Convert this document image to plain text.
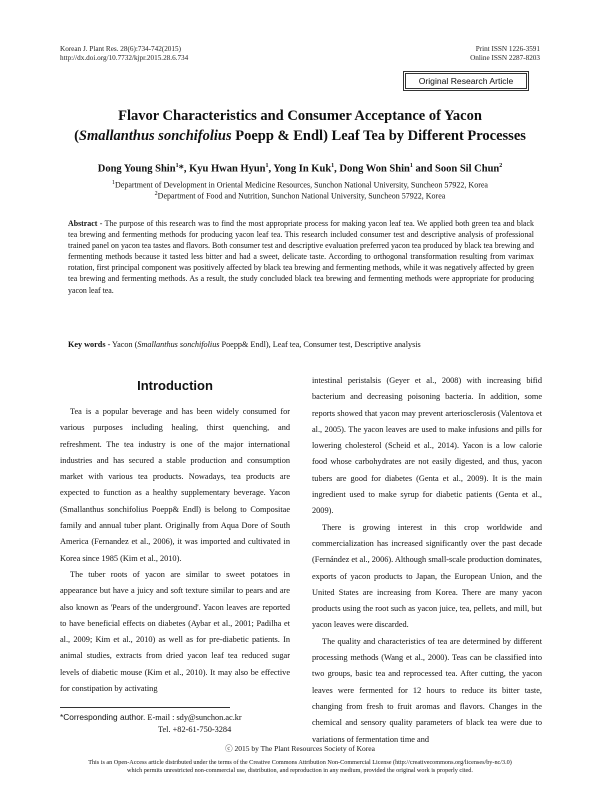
Korean J. Plant Res. 28(6):734-742(2015)
http://dx.doi.org/10.7732/kjpr.2015.28.6.734
Print ISSN 1226-3591
Online ISSN 2287-8203
Original Research Article
Flavor Characteristics and Consumer Acceptance of Yacon
(Smallanthus sonchifolius Poepp & Endl) Leaf Tea by Different Processes
Dong Young Shin$^1$*, Kyu Hwan Hyun$^1$, Yong In Kuk$^1$, Dong Won Shin$^1$ and Soon Sil Chun$^2$
$^1$Department of Development in Oriental Medicine Resources, Sunchon National University, Suncheon 57922, Korea
$^2$Department of Food and Nutrition, Sunchon National University, Suncheon 57922, Korea
Abstract - The purpose of this research was to find the most appropriate process for making yacon leaf tea. We applied both green tea and black tea brewing and fermenting methods for producing yacon leaf tea. This research included consumer test and descriptive analysis of professional trained panel on yacon tea tastes and flavors. Both consumer test and descriptive evaluation preferred yacon tea produced by black tea brewing and fermenting methods because it tasted less bitter and had a sweet, delicate taste. According to orthogonal transformation resulting from varimax rotation, first principal component was positively affected by black tea brewing and fermenting methods, while it was negatively affected by green tea brewing and fermenting methods. As a result, the study concluded black tea brewing and fermenting methods were appropriate for producing yacon leaf tea.
Key words - Yacon (Smallanthus sonchifolius Poepp& Endl), Leaf tea, Consumer test, Descriptive analysis
Introduction

Tea is a popular beverage and has been widely consumed for various purposes including healing, thirst quenching, and refreshment. The tea industry is one of the major international industries and has secured a stable production and consumption market with various tea products. Nowadays, tea products are expected to function as a healthy supplementary beverage. Yacon (Smallanthus sonchifolius Poepp& Endl) is belong to Compositae family and annual tuber plant. Originally from Aqua Dore of South America (Fernandez et al., 2006), it was imported and cultivated in Korea since 1985 (Kim et al., 2010).

The tuber roots of yacon are similar to sweet potatoes in appearance but have a juicy and soft texture similar to pears and are also known as 'Pears of the underground'. Yacon leaves are reported to have beneficial effects on diabetes (Aybar et al., 2001; Padilha et al., 2009; Kim et al., 2010) as well as for pre-diabetic patients. In animal studies, extracts from dried yacon leaf tea reduced sugar levels of diabetic mouse (Kim et al., 2010). It may also be effective for constipation by activating

intestinal peristalsis (Geyer et al., 2008) with increasing bifid bacterium and decreasing poisoning bacteria. In addition, some reports showed that yacon may prevent arteriosclerosis (Valentova et al., 2005). The yacon leaves are used to make infusions and pills for lowering cholesterol (Scheid et al., 2014). Yacon is a low calorie food whose carbohydrates are not easily digested, and thus, yacon tubers are good for diabetes (Genta et al., 2009). It is the main ingredient used to make syrup for diabetic patients (Genta et al., 2009).

There is growing interest in this crop worldwide and commercialization has increased significantly over the past decade (Fernández et al., 2006). Although small-scale production dominates, exports of yacon products to Japan, the European Union, and the United States are increasing from Korea. There are many yacon products using the root such as yacon juice, tea, pellets, and mill, but yacon leaves were discarded.

The quality and characteristics of tea are determined by different processing methods (Wang et al., 2000). Teas can be classified into two groups, basic tea and reprocessed tea. After cutting, the yacon leaves were fermented for 12 hours to reduce its bitter taste, changing from fresh to fruit aromas and flavors. Changes in the chemical and sensory quality parameters of black tea were due to variations of fermentation time and

*Corresponding author. E-mail : sdy@sunchon.ac.kr
Tel. +82-61-750-3284
ⓒ 2015 by The Plant Resources Society of Korea
This is an Open-Access article distributed under the terms of the Creative Commons Attribution Non-Commercial License (http://creativecommons.org/licenses/by-nc/3.0)
which permits unrestricted non-commercial use, distribution, and reproduction in any medium, provided the original work is properly cited.
